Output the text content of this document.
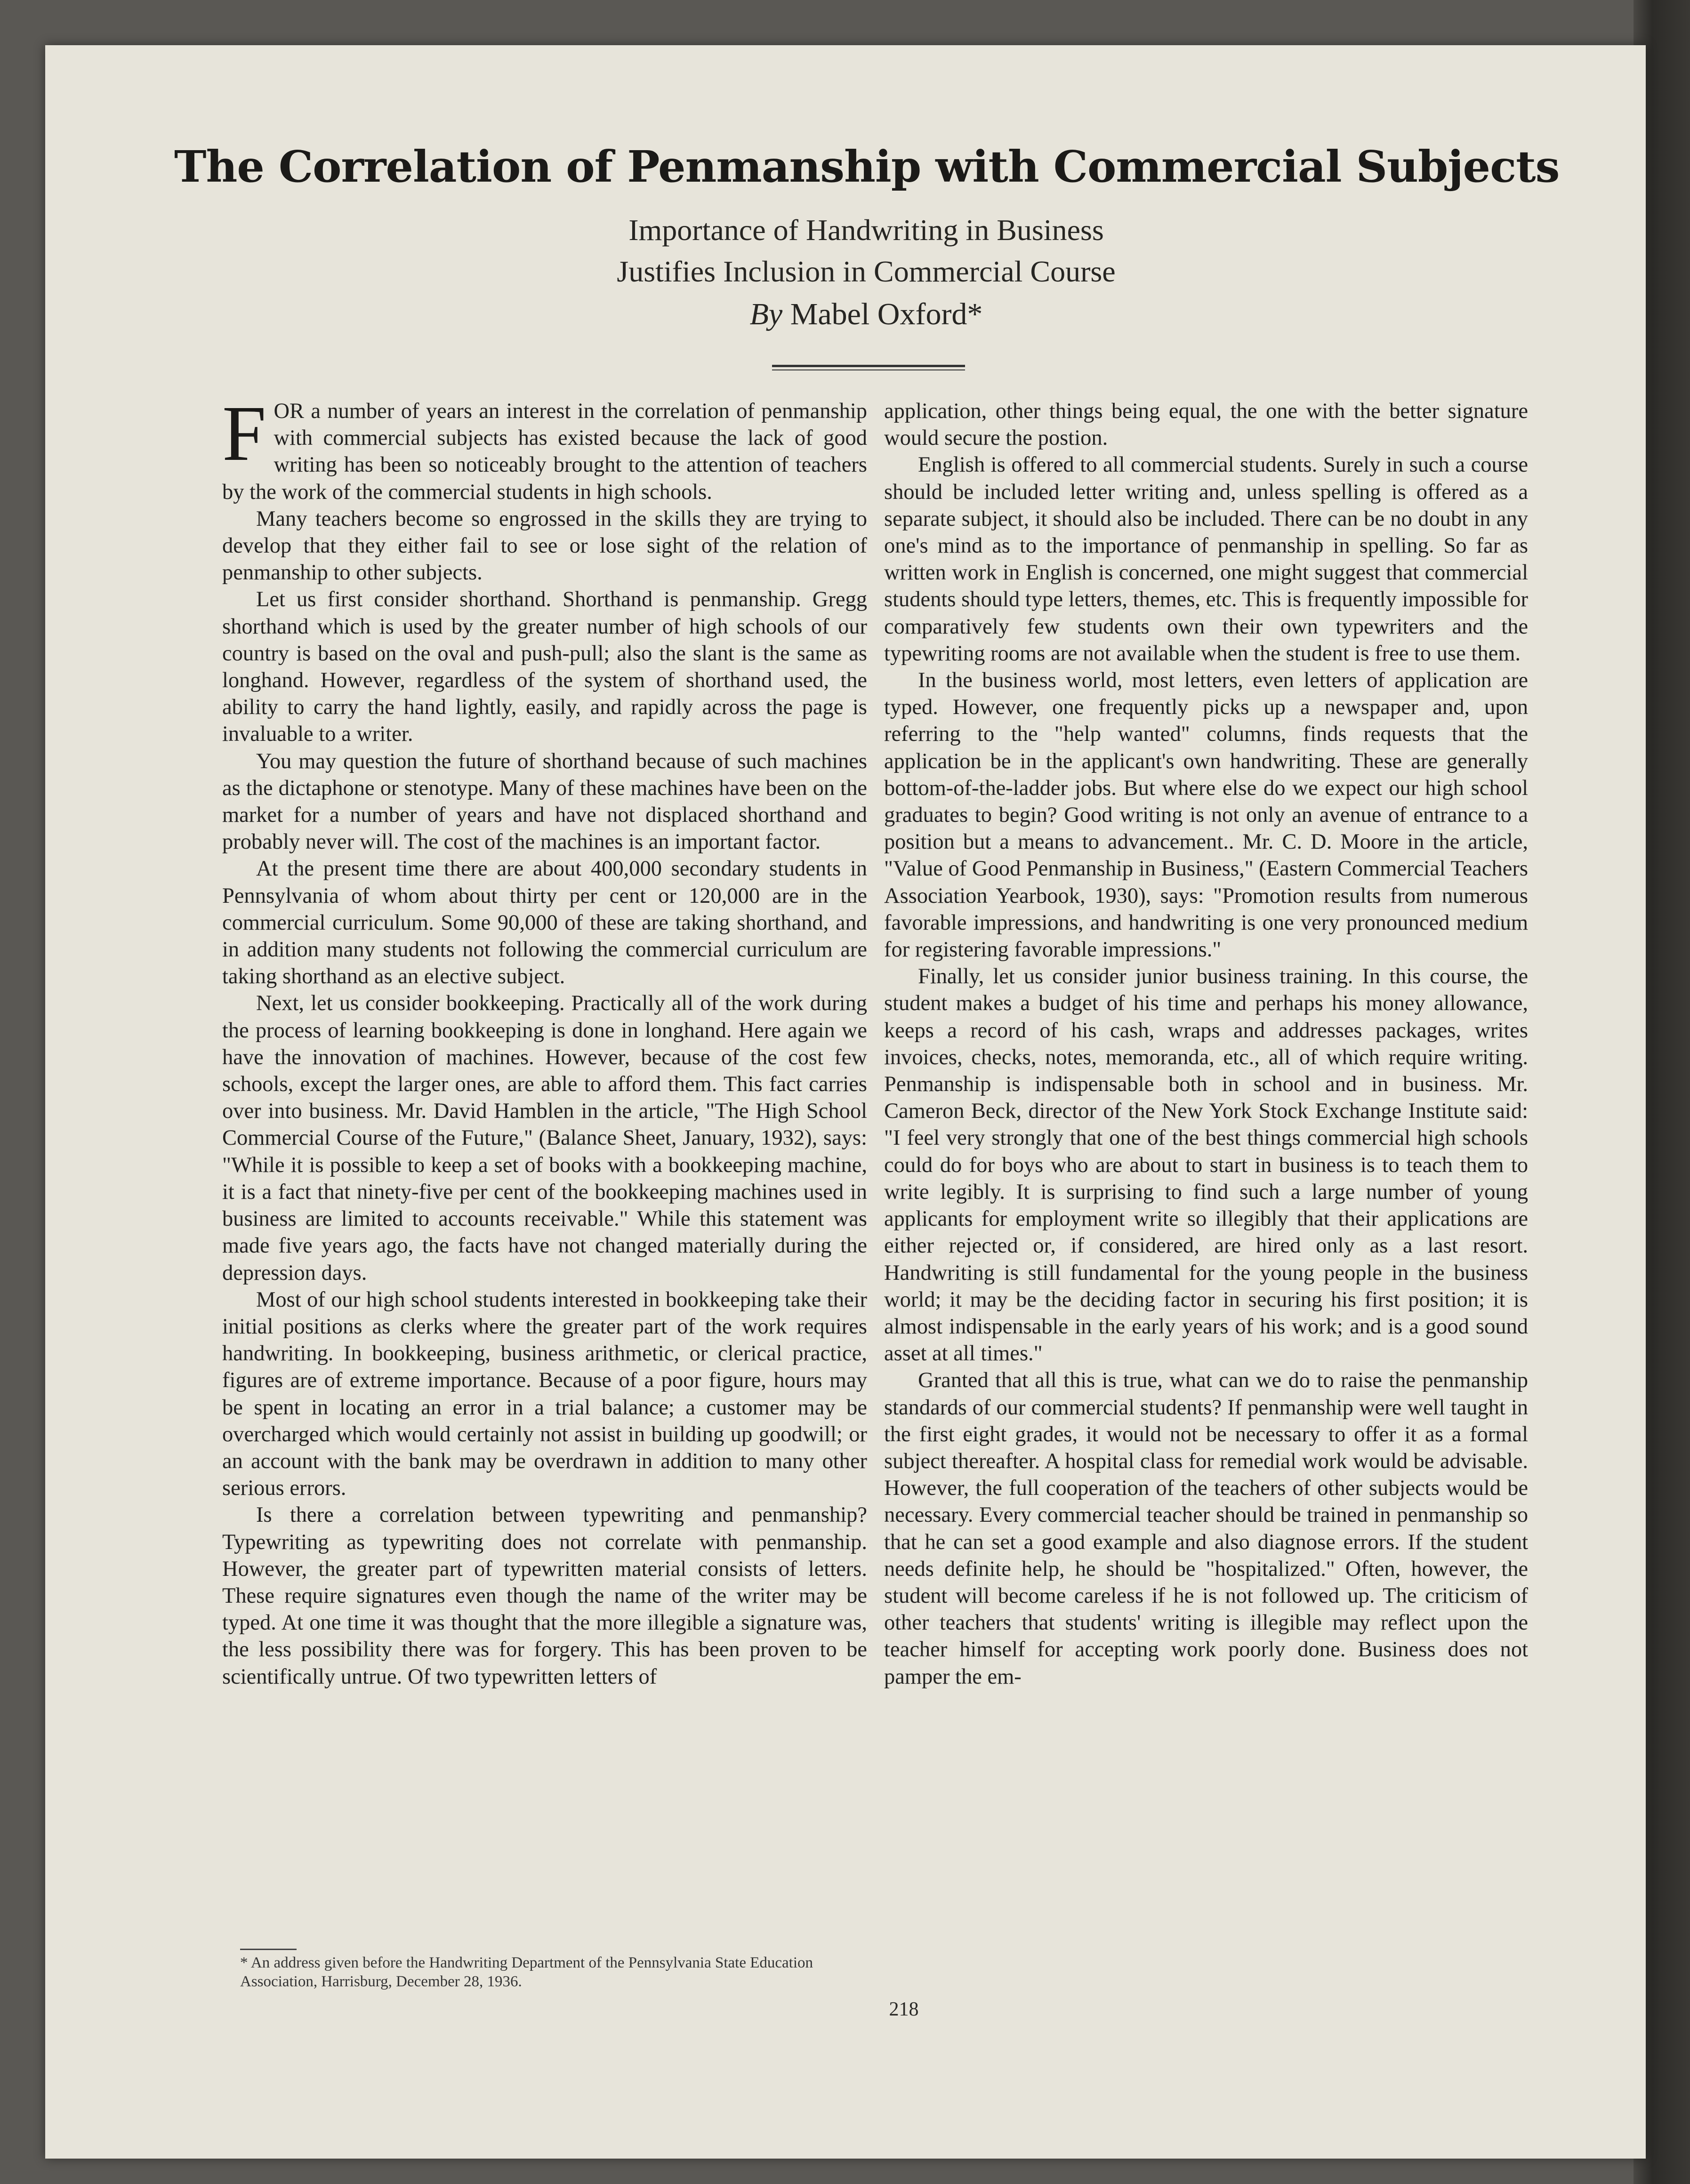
The Correlation of Penmanship with Commercial Subjects
Importance of Handwriting in Business
Justifies Inclusion in Commercial Course
By Mabel Oxford*

FOR a number of years an interest in the correlation of penmanship with commercial subjects has existed because the lack of good writing has been so noticeably brought to the attention of teachers by the work of the commercial students in high schools.

Many teachers become so engrossed in the skills they are trying to develop that they either fail to see or lose sight of the relation of penmanship to other subjects.

Let us first consider shorthand. Shorthand is penmanship. Gregg shorthand which is used by the greater number of high schools of our country is based on the oval and push-pull; also the slant is the same as longhand. However, regardless of the system of shorthand used, the ability to carry the hand lightly, easily, and rapidly across the page is invaluable to a writer.

You may question the future of shorthand because of such machines as the dictaphone or stenotype. Many of these machines have been on the market for a number of years and have not displaced shorthand and probably never will. The cost of the machines is an important factor.

At the present time there are about 400,000 secondary students in Pennsylvania of whom about thirty per cent or 120,000 are in the commercial curriculum. Some 90,000 of these are taking shorthand, and in addition many students not following the commercial curriculum are taking shorthand as an elective subject.

Next, let us consider bookkeeping. Practically all of the work during the process of learning bookkeeping is done in longhand. Here again we have the innovation of machines. However, because of the cost few schools, except the larger ones, are able to afford them. This fact carries over into business. Mr. David Hamblen in the article, "The High School Commercial Course of the Future," (Balance Sheet, January, 1932), says: "While it is possible to keep a set of books with a bookkeeping machine, it is a fact that ninety-five per cent of the bookkeeping machines used in business are limited to accounts receivable." While this statement was made five years ago, the facts have not changed materially during the depression days.

Most of our high school students interested in bookkeeping take their initial positions as clerks where the greater part of the work requires handwriting. In bookkeeping, business arithmetic, or clerical practice, figures are of extreme importance. Because of a poor figure, hours may be spent in locating an error in a trial balance; a customer may be overcharged which would certainly not assist in building up goodwill; or an account with the bank may be overdrawn in addition to many other serious errors.

Is there a correlation between typewriting and penmanship? Typewriting as typewriting does not correlate with penmanship. However, the greater part of typewritten material consists of letters. These require signatures even though the name of the writer may be typed. At one time it was thought that the more illegible a signature was, the less possibility there was for forgery. This has been proven to be scientifically untrue. Of two typewritten letters of

application, other things being equal, the one with the better signature would secure the postion.

English is offered to all commercial students. Surely in such a course should be included letter writing and, unless spelling is offered as a separate subject, it should also be included. There can be no doubt in any one's mind as to the importance of penmanship in spelling. So far as written work in English is concerned, one might suggest that commercial students should type letters, themes, etc. This is frequently impossible for comparatively few students own their own typewriters and the typewriting rooms are not available when the student is free to use them.

In the business world, most letters, even letters of application are typed. However, one frequently picks up a newspaper and, upon referring to the "help wanted" columns, finds requests that the application be in the applicant's own handwriting. These are generally bottom-of-the-ladder jobs. But where else do we expect our high school graduates to begin? Good writing is not only an avenue of entrance to a position but a means to advancement.. Mr. C. D. Moore in the article, "Value of Good Penmanship in Business," (Eastern Commercial Teachers Association Yearbook, 1930), says: "Promotion results from numerous favorable impressions, and handwriting is one very pronounced medium for registering favorable impressions."

Finally, let us consider junior business training. In this course, the student makes a budget of his time and perhaps his money allowance, keeps a record of his cash, wraps and addresses packages, writes invoices, checks, notes, memoranda, etc., all of which require writing. Penmanship is indispensable both in school and in business. Mr. Cameron Beck, director of the New York Stock Exchange Institute said: "I feel very strongly that one of the best things commercial high schools could do for boys who are about to start in business is to teach them to write legibly. It is surprising to find such a large number of young applicants for employment write so illegibly that their applications are either rejected or, if considered, are hired only as a last resort. Handwriting is still fundamental for the young people in the business world; it may be the deciding factor in securing his first position; it is almost indispensable in the early years of his work; and is a good sound asset at all times."

Granted that all this is true, what can we do to raise the penmanship standards of our commercial students? If penmanship were well taught in the first eight grades, it would not be necessary to offer it as a formal subject thereafter. A hospital class for remedial work would be advisable. However, the full cooperation of the teachers of other subjects would be necessary. Every commercial teacher should be trained in penmanship so that he can set a good example and also diagnose errors. If the student needs definite help, he should be "hospitalized." Often, however, the student will become careless if he is not followed up. The criticism of other teachers that students' writing is illegible may reflect upon the teacher himself for accepting work poorly done. Business does not pamper the em-

* An address given before the Handwriting Department of the Pennsylvania State Education Association, Harrisburg, December 28, 1936.
218
